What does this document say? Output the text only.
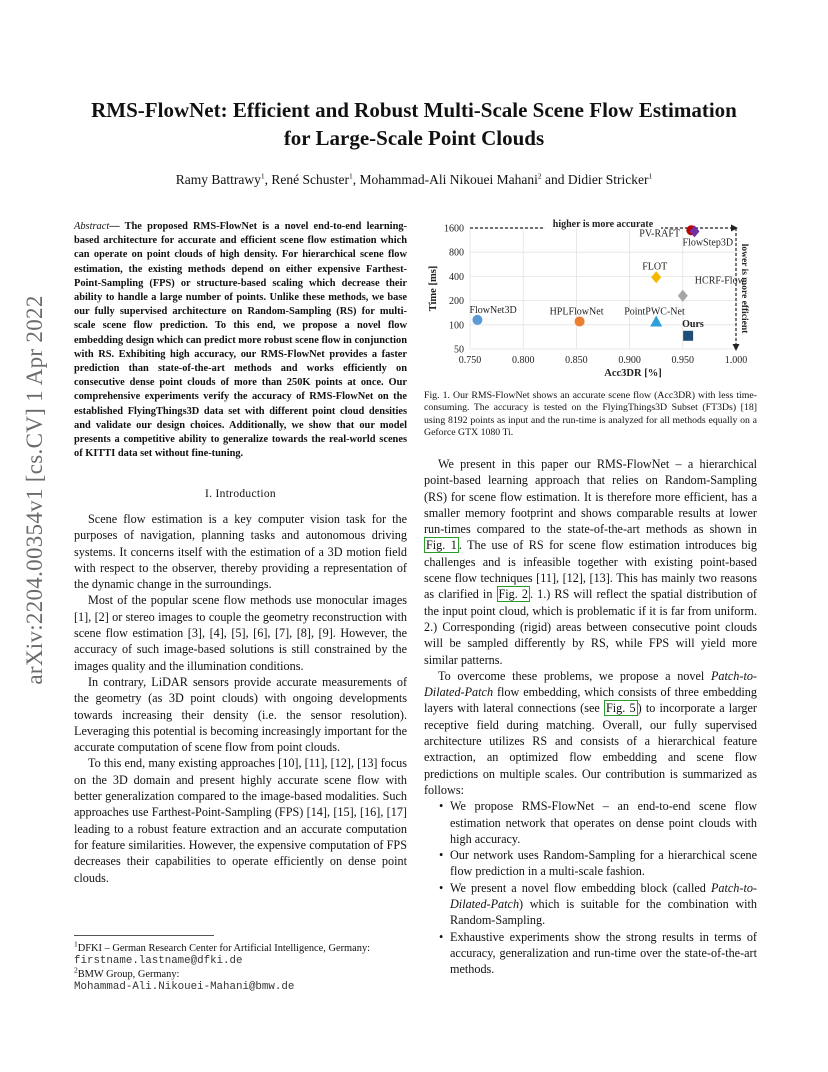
arXiv:2204.00354v1 [cs.CV] 1 Apr 2022
RMS-FlowNet: Efficient and Robust Multi-Scale Scene Flow Estimation
for Large-Scale Point Clouds
Ramy Battrawy$^1$, René Schuster$^1$, Mohammad-Ali Nikouei Mahani$^2$ and Didier Stricker$^1$

Abstract— The proposed RMS-FlowNet is a novel end-to-end learning-based architecture for accurate and efficient scene flow estimation which can operate on point clouds of high density. For hierarchical scene flow estimation, the existing methods depend on either expensive Farthest-Point-Sampling (FPS) or structure-based scaling which decrease their ability to handle a large number of points. Unlike these methods, we base our fully supervised architecture on Random-Sampling (RS) for multi-scale scene flow prediction. To this end, we propose a novel flow embedding design which can predict more robust scene flow in conjunction with RS. Exhibiting high accuracy, our RMS-FlowNet provides a faster prediction than state-of-the-art methods and works efficiently on consecutive dense point clouds of more than 250K points at once. Our comprehensive experiments verify the accuracy of RMS-FlowNet on the established FlyingThings3D data set with different point cloud densities and validate our design choices. Additionally, we show that our model presents a competitive ability to generalize towards the real-world scenes of KITTI data set without fine-tuning.

I. Introduction

Scene flow estimation is a key computer vision task for the purposes of navigation, planning tasks and autonomous driving systems. It concerns itself with the estimation of a 3D motion field with respect to the observer, thereby providing a representation of the dynamic change in the surroundings.

Most of the popular scene flow methods use monocular images [1], [2] or stereo images to couple the geometry reconstruction with scene flow estimation [3], [4], [5], [6], [7], [8], [9]. However, the accuracy of such image-based solutions is still constrained by the images quality and the illumination conditions.

In contrary, LiDAR sensors provide accurate measurements of the geometry (as 3D point clouds) with ongoing developments towards increasing their density (i.e. the sensor resolution). Leveraging this potential is becoming increasingly important for the accurate computation of scene flow from point clouds.

To this end, many existing approaches [10], [11], [12], [13] focus on the 3D domain and present highly accurate scene flow with better generalization compared to the image-based modalities. Such approaches use Farthest-Point-Sampling (FPS) [14], [15], [16], [17] leading to a robust feature extraction and an accurate computation for feature similarities. However, the expensive computation of FPS decreases their capabilities to operate efficiently on dense point clouds.

$^1$DFKI – German Research Center for Artificial Intelligence, Germany:
firstname.lastname@dfki.de
$^2$BMW Group, Germany:
Mohammad-Ali.Nikouei-Mahani@bmw.de
0.750	0.800	0.850	0.900	0.950	1.000
50
100
200
400
800
1600
Acc3DR [%]
Time [ms]
higher is more accurate
lower is more efficient
FlowNet3D	HPLFlowNet PointPWC-Net
FLOT
HCRF-Flow
PV-RAFT
FlowStep3D
Ours

Fig. 1. Our RMS-FlowNet shows an accurate scene flow (Acc3DR) with less time-consuming. The accuracy is tested on the FlyingThings3D Subset (FT3Ds) [18] using 8192 points as input and the run-time is analyzed for all methods equally on a Geforce GTX 1080 Ti.

We present in this paper our RMS-FlowNet – a hierarchical point-based learning approach that relies on Random-Sampling (RS) for scene flow estimation. It is therefore more efficient, has a smaller memory footprint and shows comparable results at lower run-times compared to the state-of-the-art methods as shown in Fig. 1 . The use of RS for scene flow estimation introduces big challenges and is infeasible together with existing point-based scene flow techniques [11], [12], [13]. This has mainly two reasons as clarified in Fig. 2 . 1.) RS will reflect the spatial distribution of the input point cloud, which is problematic if it is far from uniform. 2.) Corresponding (rigid) areas between consecutive point clouds will be sampled differently by RS, while FPS will yield more similar patterns.

To overcome these problems, we propose a novel Patch-to-Dilated-Patch flow embedding, which consists of three embedding layers with lateral connections (see Fig. 5 ) to incorporate a larger receptive field during matching. Overall, our fully supervised architecture utilizes RS and consists of a hierarchical feature extraction, an optimized flow embedding and scene flow predictions on multiple scales. Our contribution is summarized as follows:

• We propose RMS-FlowNet – an end-to-end scene flow estimation network that operates on dense point clouds with high accuracy.
• Our network uses Random-Sampling for a hierarchical scene flow prediction in a multi-scale fashion.
• We present a novel flow embedding block (called Patch-to-Dilated-Patch) which is suitable for the combination with Random-Sampling.
• Exhaustive experiments show the strong results in terms of accuracy, generalization and run-time over the state-of-the-art methods.
